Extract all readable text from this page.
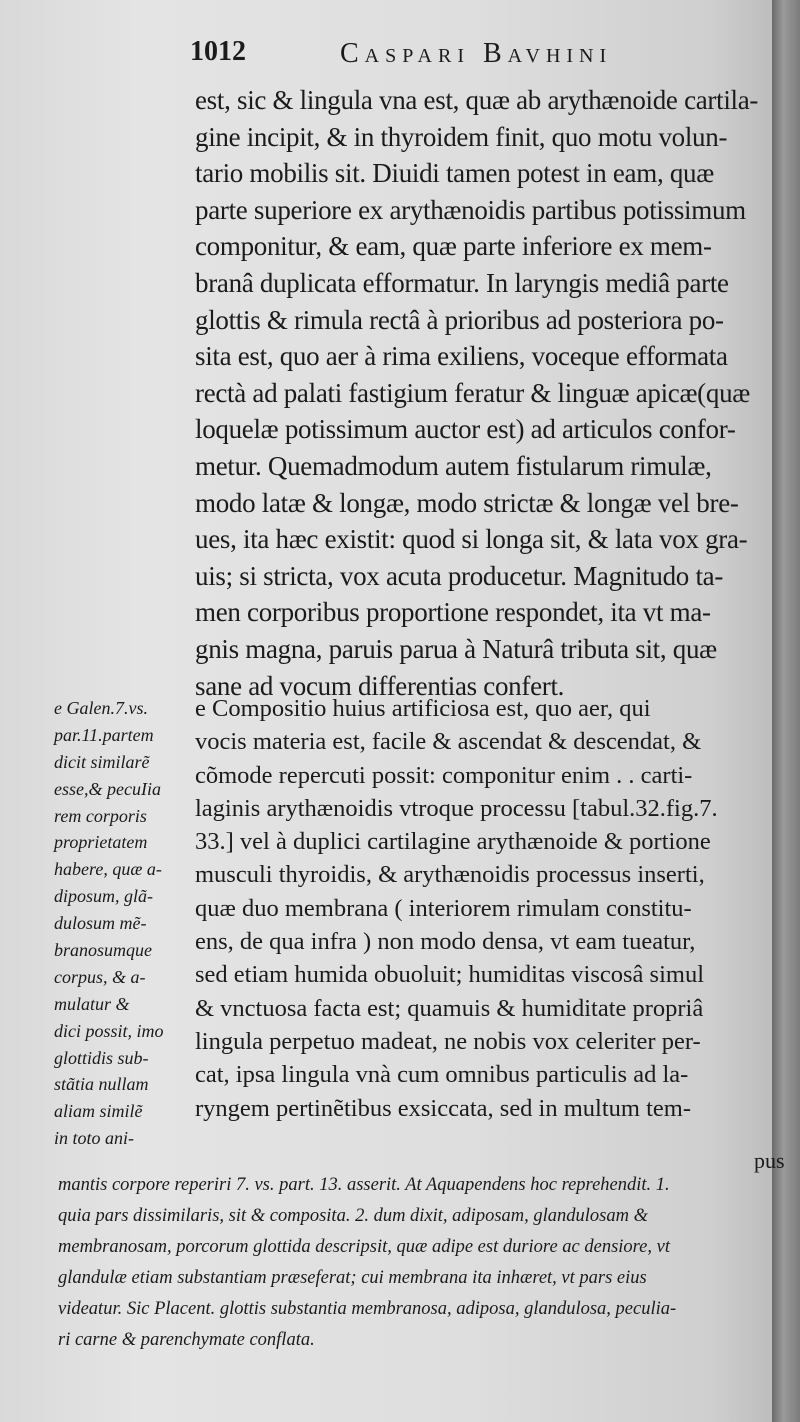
1012	Caspari Bavhini
est, sic & lingula vna est, quæ ab arythænoide cartila-
gine incipit, & in thyroidem finit, quo motu volun-
tario mobilis sit. Diuidi tamen potest in eam, quæ
parte superiore ex arythænoidis partibus potissimum
componitur, & eam, quæ parte inferiore ex mem-
branâ duplicata efformatur. In laryngis mediâ parte
glottis & rimula rectâ à prioribus ad posteriora po-
sita est, quo aer à rima exiliens, voceque efformata
rectà ad palati fastigium feratur & linguæ apicæ(quæ
loquelæ potissimum auctor est) ad articulos confor-
metur. Quemadmodum autem fistularum rimulæ,
modo latæ & longæ, modo strictæ & longæ vel bre-
ues, ita hæc existit: quod si longa sit, & lata vox gra-
uis; si stricta, vox acuta producetur. Magnitudo ta-
men corporibus proportione respondet, ita vt ma-
gnis magna, paruis parua à Naturâ tributa sit, quæ
sane ad vocum differentias confert.
e Compositio huius artificiosa est, quo aer, qui
vocis materia est, facile & ascendat & descendat, &
cõmode repercuti possit: componitur enim . . carti-
laginis arythænoidis vtroque processu [tabul.32.fig.7.
33.] vel à duplici cartilagine arythænoide & portione
musculi thyroidis, & arythænoidis processus inserti,
quæ duo membrana ( interiorem rimulam constitu-
ens, de qua infra ) non modo densa, vt eam tueatur,
sed etiam humida obuoluit; humiditas viscosâ simul
& vnctuosa facta est; quamuis & humiditate propriâ
lingula perpetuo madeat, ne nobis vox celeriter per-
cat, ipsa lingula vnà cum omnibus particulis ad la-
ryngem pertinẽtibus exsiccata, sed in multum tem-
pus
e Galen.7.vs.
par.11.partem
dicit similarẽ
esse,& pecuIia
rem corporis
proprietatem
habere, quæ a-
diposum, glã-
dulosum mẽ-
branosumque
corpus, & a-
mulatur &
dici possit, imo
glottidis sub-
stãtia nullam
aliam similẽ
in toto ani-
mantis corpore reperiri 7. vs. part. 13. asserit. At Aquapendens hoc reprehendit. 1.
quia pars dissimilaris, sit & composita. 2. dum dixit, adiposam, glandulosam &
membranosam, porcorum glottida descripsit, quæ adipe est duriore ac densiore, vt
glandulæ etiam substantiam præseferat; cui membrana ita inhæret, vt pars eius
videatur. Sic Placent. glottis substantia membranosa, adiposa, glandulosa, peculia-
ri carne & parenchymate conflata.
